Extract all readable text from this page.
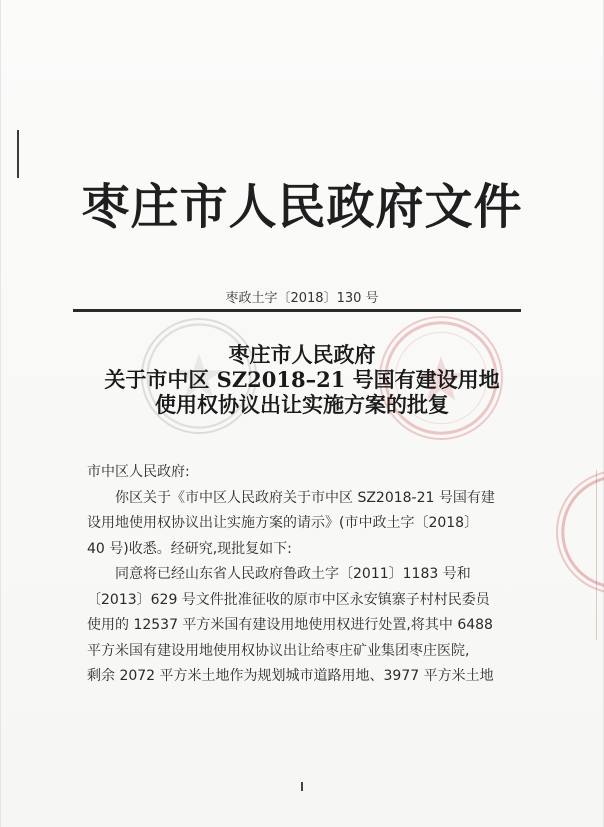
枣庄市人民政府文件
枣政土字〔2018〕130 号
枣庄市人民政府
关于市中区 SZ2018–21 号国有建设用地
使用权协议出让实施方案的批复

市中区人民政府:

你区关于《市中区人民政府关于市中区 SZ2018-21 号国有建

设用地使用权协议出让实施方案的请示》(市中政土字〔2018〕

40 号)收悉。经研究,现批复如下:

同意将已经山东省人民政府鲁政土字〔2011〕1183 号和

〔2013〕629 号文件批准征收的原市中区永安镇寨子村村民委员

使用的 12537 平方米国有建设用地使用权进行处置,将其中 6488

平方米国有建设用地使用权协议出让给枣庄矿业集团枣庄医院,

剩余 2072 平方米土地作为规划城市道路用地、3977 平方米土地
